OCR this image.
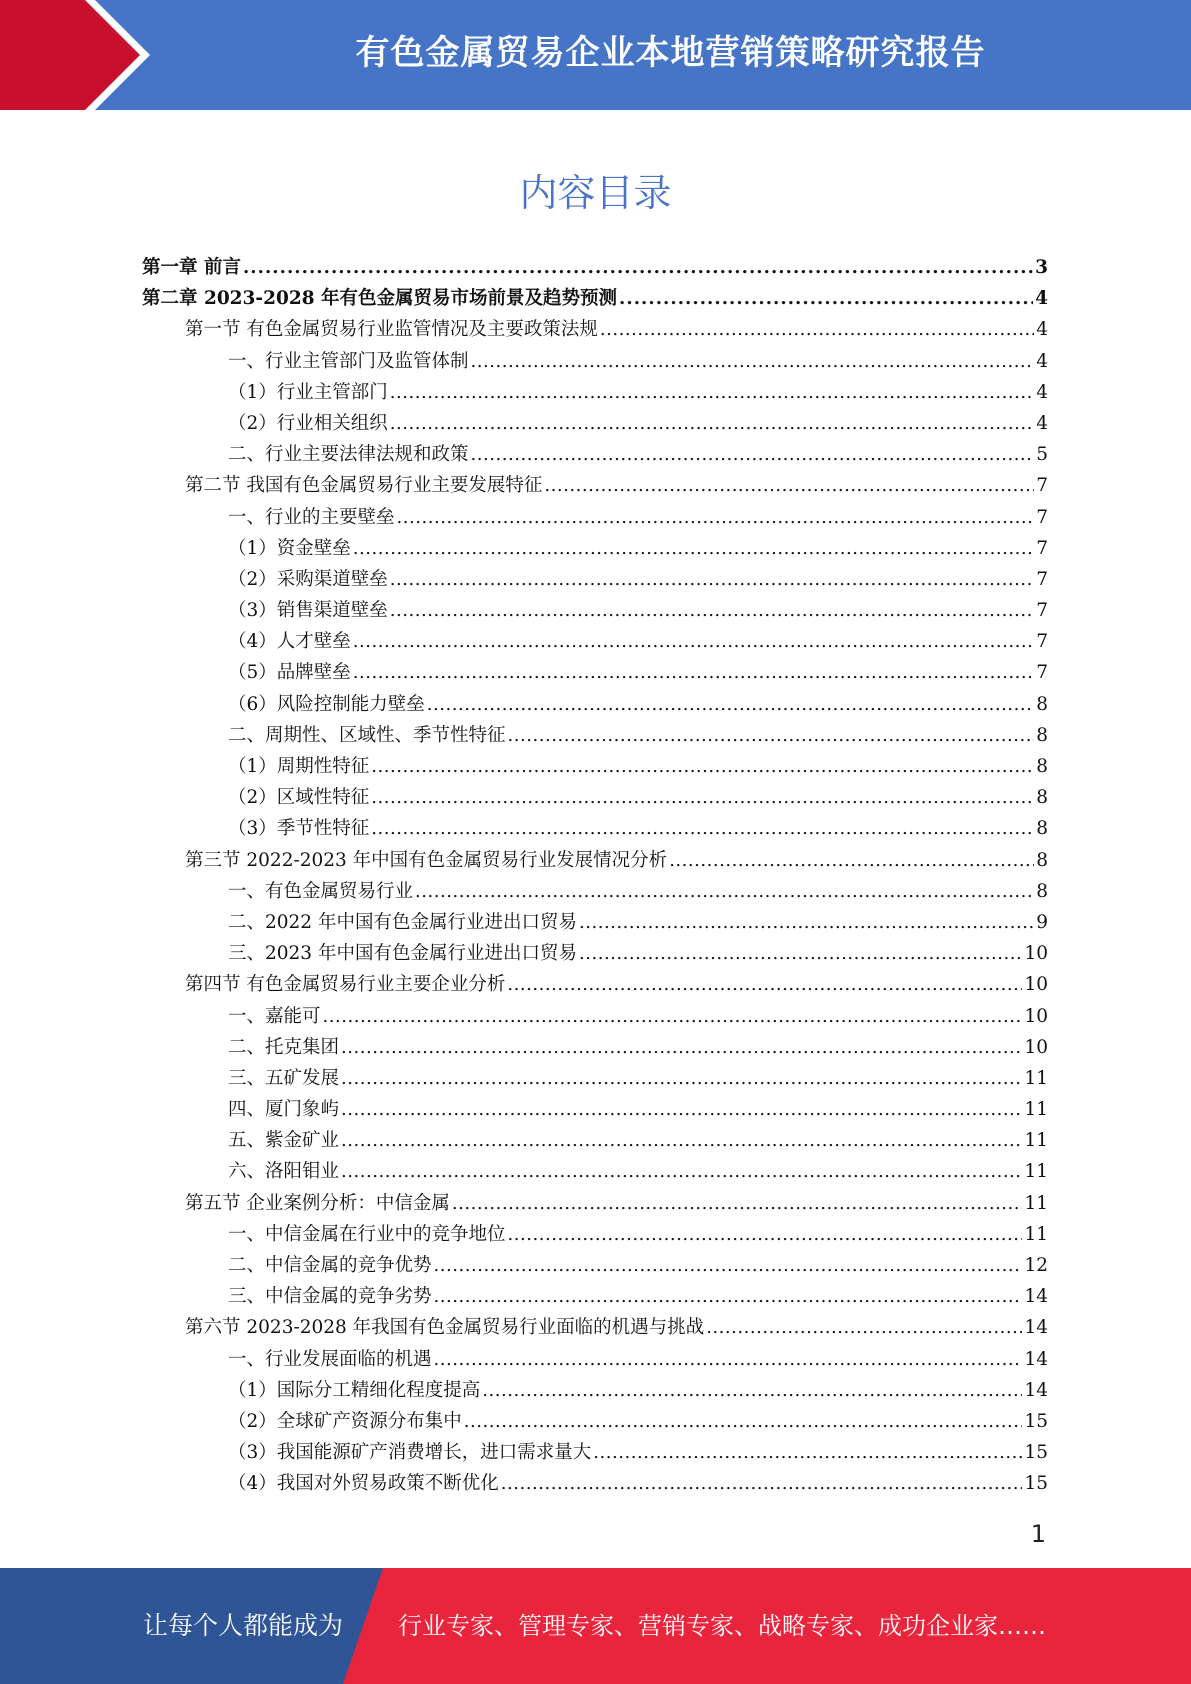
有色金属贸易企业本地营销策略研究报告
内容目录
第一章 前言 . . .	3
第二章 2023-2028 年有色金属贸易市场前景及趋势预测 . . .	4
第一节 有色金属贸易行业监管情况及主要政策法规 . . .	4
一、行业主管部门及监管体制 . . .	4
（1）行业主管部门 . . .	4
（2）行业相关组织 . . .	4
二、行业主要法律法规和政策 . . .	5
第二节 我国有色金属贸易行业主要发展特征 . . .	7
一、行业的主要壁垒 . . .	7
（1）资金壁垒 . . .	7
（2）采购渠道壁垒 . . .	7
（3）销售渠道壁垒 . . .	7
（4）人才壁垒 . . .	7
（5）品牌壁垒 . . .	7
（6）风险控制能力壁垒 . . .	8
二、周期性、区域性、季节性特征 . . .	8
（1）周期性特征 . . .	8
（2）区域性特征 . . .	8
（3）季节性特征 . . .	8
第三节 2022-2023 年中国有色金属贸易行业发展情况分析 . . .	8
一、有色金属贸易行业 . . .	8
二、2022 年中国有色金属行业进出口贸易 . . .	9
三、2023 年中国有色金属行业进出口贸易 . . .	10
第四节 有色金属贸易行业主要企业分析 . . .	10
一、嘉能可 . . .	10
二、托克集团 . . .	10
三、五矿发展 . . .	11
四、厦门象屿 . . .	11
五、紫金矿业 . . .	11
六、洛阳钼业 . . .	11
第五节 企业案例分析：中信金属 . . .	11
一、中信金属在行业中的竞争地位 . . .	11
二、中信金属的竞争优势 . . .	12
三、中信金属的竞争劣势 . . .	14
第六节 2023-2028 年我国有色金属贸易行业面临的机遇与挑战 . . .	14
一、行业发展面临的机遇 . . .	14
（1）国际分工精细化程度提高 . . .	14
（2）全球矿产资源分布集中 . . .	15
（3）我国能源矿产消费增长，进口需求量大 . . .	15
（4）我国对外贸易政策不断优化 . . .	15
1
让每个人都能成为 行业专家、管理专家、营销专家、战略专家、成功企业家……
